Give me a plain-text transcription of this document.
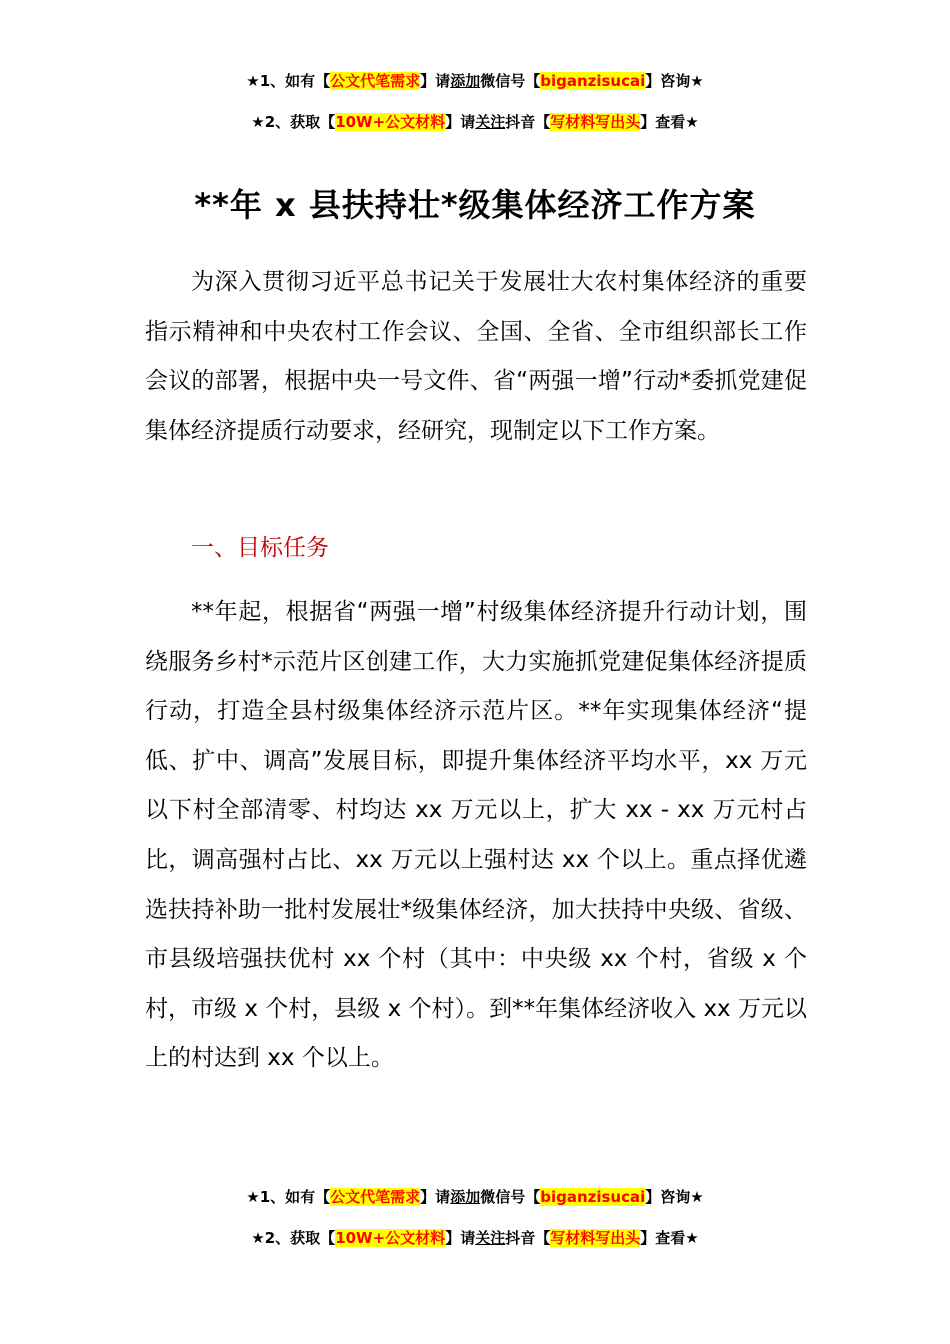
★1、如有【公文代笔需求】请添加微信号【biganzisucai】咨询★
★2、获取【10W+公文材料】请关注抖音【写材料写出头】查看★
**年 x 县扶持壮*级集体经济工作方案

为深入贯彻习近平总书记关于发展壮大农村集体经济的重要指示精神和中央农村工作会议、全国、全省、全市组织部长工作会议的部署，根据中央一号文件、省“两强一增”行动*委抓党建促集体经济提质行动要求，经研究，现制定以下工作方案。

一、目标任务

**年起，根据省“两强一增”村级集体经济提升行动计划，围绕服务乡村*示范片区创建工作，大力实施抓党建促集体经济提质行动，打造全县村级集体经济示范片区。**年实现集体经济“提低、扩中、调高”发展目标，即提升集体经济平均水平，xx 万元以下村全部清零、村均达 xx 万元以上，扩大 xx - xx 万元村占比，调高强村占比、xx 万元以上强村达 xx 个以上。重点择优遴选扶持补助一批村发展壮*级集体经济，加大扶持中央级、省级、市县级培强扶优村 xx 个村（其中：中央级 xx 个村，省级 x 个村，市级 x 个村，县级 x 个村）。到**年集体经济收入 xx 万元以上的村达到 xx 个以上。

★1、如有【公文代笔需求】请添加微信号【biganzisucai】咨询★
★2、获取【10W+公文材料】请关注抖音【写材料写出头】查看★
